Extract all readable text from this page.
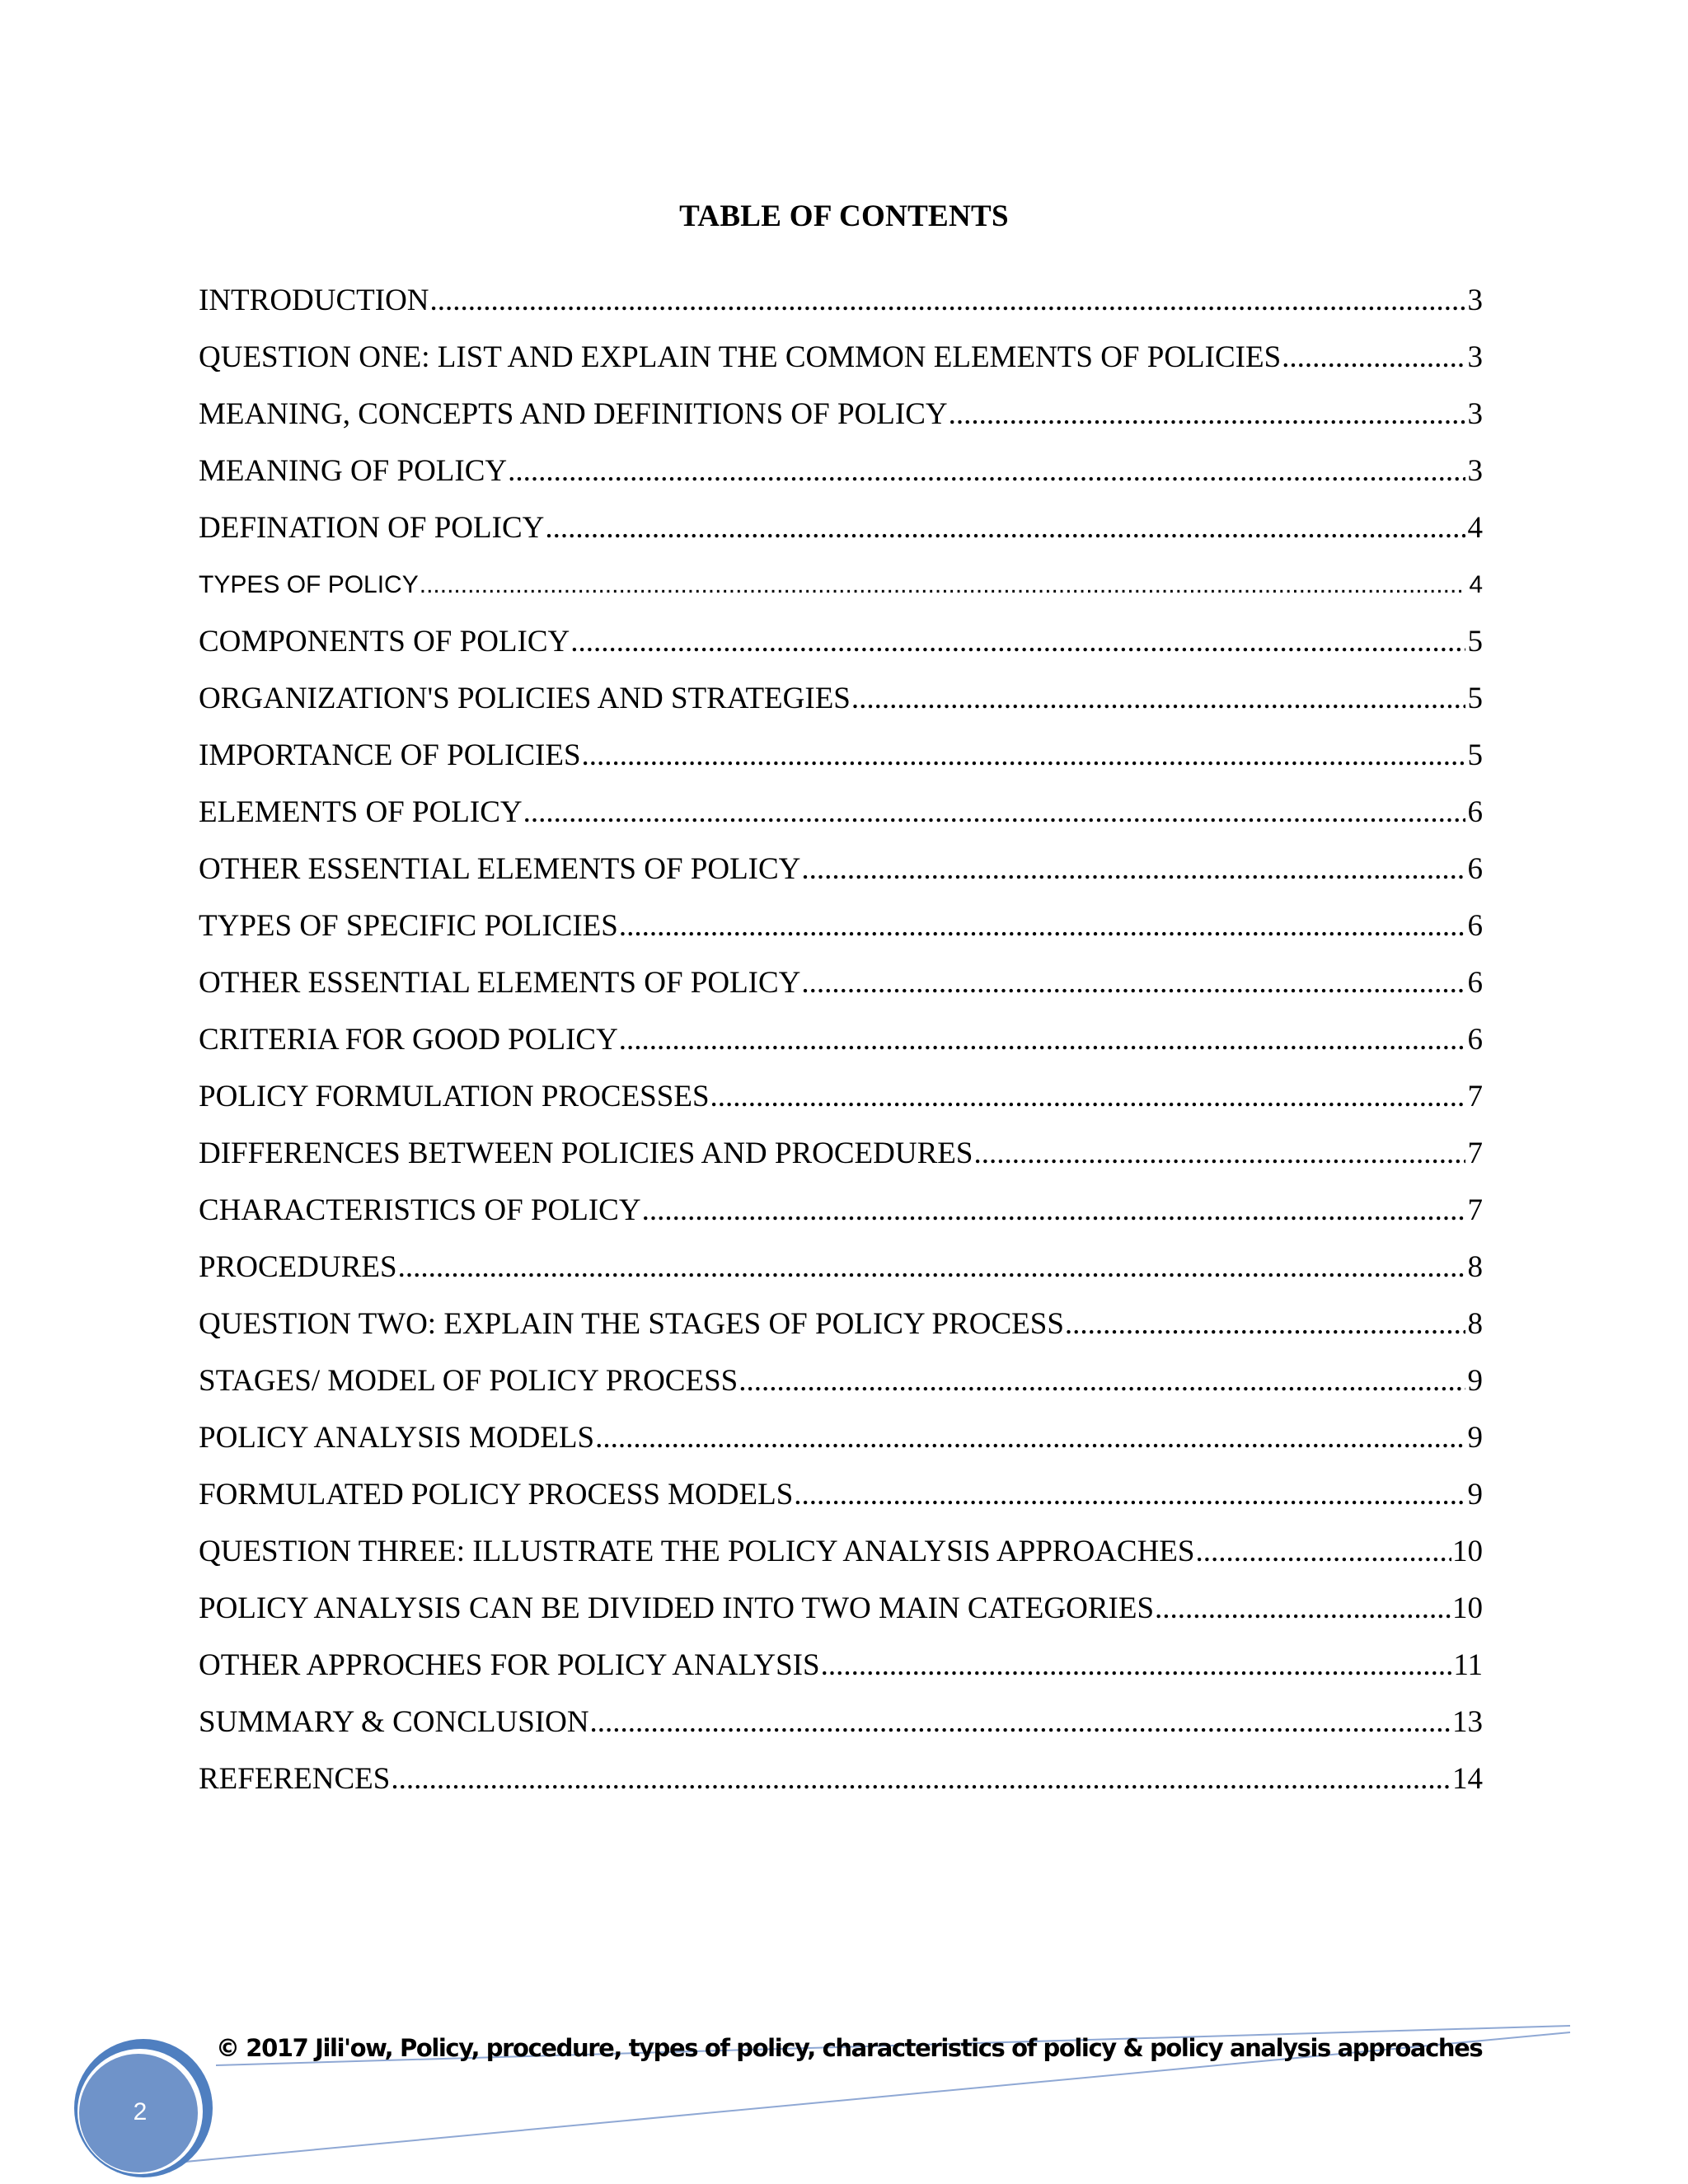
TABLE OF CONTENTS
INTRODUCTION .....	3
QUESTION ONE: LIST AND EXPLAIN THE COMMON ELEMENTS OF POLICIES .....	3
MEANING, CONCEPTS AND DEFINITIONS OF POLICY .....	3
MEANING OF POLICY .....	3
DEFINATION OF POLICY .....	4
TYPES OF POLICY .....	4
COMPONENTS OF POLICY .....	5
ORGANIZATION'S POLICIES AND STRATEGIES .....	5
IMPORTANCE OF POLICIES .....	5
ELEMENTS OF POLICY .....	6
OTHER ESSENTIAL ELEMENTS OF POLICY .....	6
TYPES OF SPECIFIC POLICIES .....	6
OTHER ESSENTIAL ELEMENTS OF POLICY .....	6
CRITERIA FOR GOOD POLICY .....	6
POLICY FORMULATION PROCESSES .....	7
DIFFERENCES BETWEEN POLICIES AND PROCEDURES .....	7
CHARACTERISTICS OF POLICY .....	7
PROCEDURES .....	8
QUESTION TWO: EXPLAIN THE STAGES OF POLICY PROCESS .....	8
STAGES/ MODEL OF POLICY PROCESS .....	9
POLICY ANALYSIS MODELS .....	9
FORMULATED POLICY PROCESS MODELS .....	9
QUESTION THREE: ILLUSTRATE THE POLICY ANALYSIS APPROACHES .....	10
POLICY ANALYSIS CAN BE DIVIDED INTO TWO MAIN CATEGORIES .....	10
OTHER APPROCHES FOR POLICY ANALYSIS .....	11
SUMMARY & CONCLUSION .....	13
REFERENCES .....	14
2
© 2017 Jili'ow, Policy, procedure, types of policy, characteristics of policy & policy analysis approaches
